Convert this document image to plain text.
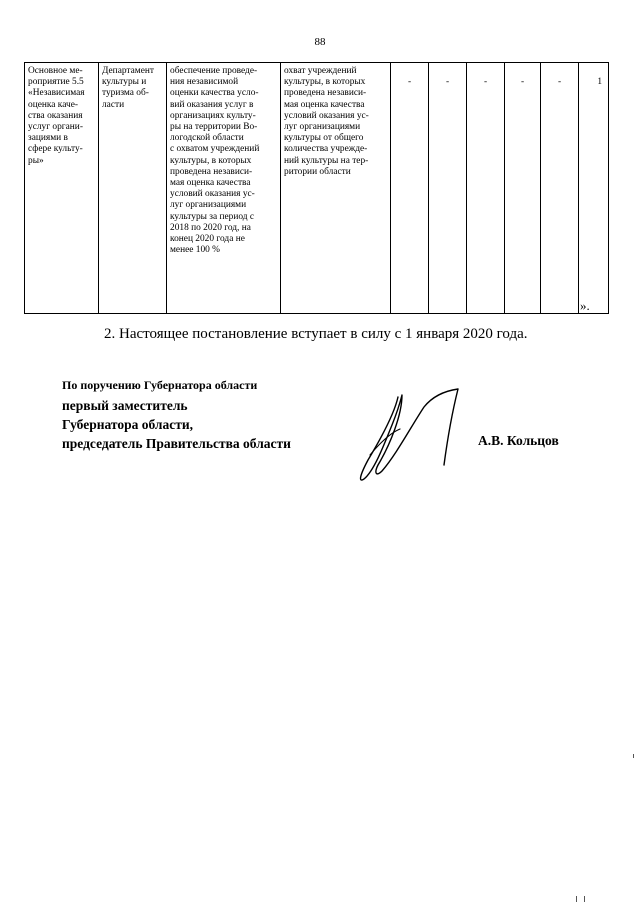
88
Основное ме-
роприятие 5.5
«Независимая
оценка каче-
ства оказания
услуг органи-
зациями в
сфере культу-
ры»	Департамент
культуры и
туризма об-
ласти	обеспечение проведе-
ния независимой
оценки качества усло-
вий оказания услуг в
организациях культу-
ры на территории Во-
логодской области
с охватом учреждений
культуры, в которых
проведена независи-
мая оценка качества
условий оказания ус-
луг организациями
культуры за период с
2018 по 2020 год, на
конец 2020 года не
менее 100 %	охват учреждений
культуры, в которых
проведена независи-
мая оценка качества
условий оказания ус-
луг организациями
культуры от общего
количества учрежде-
ний культуры на тер-
ритории области	-	-	-	-	-	1
».
2. Настоящее постановление вступает в силу с 1 января 2020 года.
По поручению Губернатора области
первый заместитель
Губернатора области,
председатель Правительства области	А.В. Кольцов
